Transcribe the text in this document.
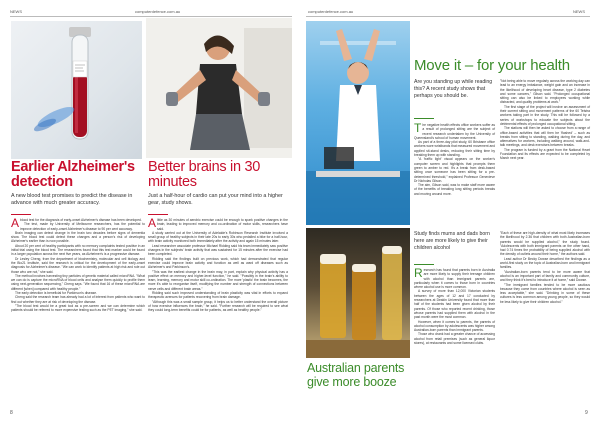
NEWS	computerdefence.com.au
Earlier Alzheimer's detection

A new blood test promises to predict the disease in advance with much greater accuracy.

A blood test for the diagnosis of early-onset Alzheimer's disease has been developed.

The test, made by University of Melbourne researchers, has the potential to improve detection of early-onset Alzheimer's disease to 90 per cent accuracy.

Brain imaging can detect change in the brain two decades before signs of dementia show. The blood test could detect these changes and a person's risk of developing Alzheimer's earlier than is now possible.

About 20 per cent of healthy participants with no memory complaints tested positive in an initial trial using the blood test. The researchers found that this test marker could be found in a larger population across the next five years, as Alzheimer's is a progressive disease.

Dr Lesley Cheng, from the department of biochemistry, molecular and cell biology and the Bio21 Institute, said the research is critical for the development of the early-onset diagnosis for Alzheimer's disease. "We can work to identify patients at high risk and rule out those who are not," she said.

The method involves harvesting tiny particles of genetic material called microRNA. "What we can do is capture the microRNA of blood cells and analyse them quickly to profile them using next-generation sequencing," Cheng says. "We found that 16 of these microRNA are different [when] compared with healthy people."

The early detection is beneficial for Parkinson's disease.

Cheng said the research team has already had a lot of interest from patients who want to find out whether they are at risk of developing the disease.

"The blood test would be a great tool as a pre-screen and we can determine which patients should be referred to more expensive testing such as the PET imaging," she said.

Better brains in 30 minutes

Just a half-hour of cardio can put your mind into a higher gear, study shows.

A little as 30 minutes of aerobic exercise could be enough to spark positive changes in the brain, leading to improved memory and co-ordination of motor skills, researchers have said.

A study carried out at the University of Adelaide's Robinson Research Institute involved a small group of healthy subjects in their late 20s to early 30s who pedalled a bike for a half-hour, with brain activity monitored both immediately after the activity and again 15 minutes later.

Lead researcher associate professor Michael Ridding said his team immediately saw positive changes in the subjects' brain activity that was sustained for 15 minutes after the exercise had been completed.

Ridding said the findings built on previous work, which had demonstrated that regular exercise could improve brain activity and function as well as ward off diseases such as Alzheimer's and Parkinson's.

"This was the earliest change in the brain may, in part, explain why physical activity has a positive effect on memory and higher-level function," he said. "Possibly in the brain's ability to learn, learning, memory and motor skill co-ordination. The more 'plastic' the brain becomes, the more it's able to reorganise itself, modifying the number and strength of connections between nerve cells and different brain areas."

Ridding said such improved understanding of brain plasticity was vital in efforts to expand therapeutic avenues for patients recovering from brain damage.

"Although this was a small sample group, it helps us to better understand the overall picture of how exercise influences the brain," he said. "Further research will be required to see what they could long-term benefits could be for patients, as well as healthy people."

8
computerdefence.com.au	NEWS
Australian parents give more booze
Move it – for your health

Are you standing up while reading this? A recent study shows that perhaps you should be.

The negative health effects office workers suffer as a result of prolonged sitting are the subject of recent research undertaken by the University of Queensland's school of human movement.

As part of a three-day pilot study, 60 Brisbane office workers wore wristbands that measured movement and applied sit-stand desks, reducing their sitting time by breaking them up with standing.

"A 'traffic light' visual appears on the worker's computer screen and highlights that prompts them green to amber to red. It's a break from desk-based sitting once someone has been sitting for a pre-determined threshold," explained Professor Genevieve Dr Nicholas Gilson.

The aim, Gilson said, was to make staff more aware of the benefits of breaking long sitting periods breaks and moving around more.

"Not being able to move regularly across the working day can lead to an energy imbalance, weight gain and an increase in the likelihood of developing heart disease, type 2 diabetes and some cancers," Gilson said. "Prolonged occupational sitting can also be linked to employees working while distracted, and quality problems at work."

The first stage of the project will involve an assessment of their current sitting and movement patterns of the 60 Telstra workers taking part in the study. This will be followed by a series of workshops to educate the subjects about the detrimental effects of prolonged occupational sitting.

The stations will then be asked to choose from a range of office-based activities that will then be 'flashed' – such as breaks from sitting to standing, walking during the day, and alternatives for workers, including walking around, walk-and-talk meetings, and desk exercises between breaks.

The program is funded by a grant from the National Heart Foundation and its effects are expected to be completed by March next year.

Study finds mums and dads born here are more likely to give their children alcohol

Research has found that parents born in Australia are more likely to supply their teenage children with alcohol than immigrant parents are, particularly when it comes to those born in countries where alcohol use is more common.

A survey of more than 12,000 Victorian students between the ages of 12 and 17 conducted by researchers at Deakin University found that more than half of the students had been given alcohol by their parents. Of those who reported recent drinking, those whose parents had supplied them with alcohol in the past month were the most common.

However, when it comes to parents, the parents of alcohol consumption by adolescents was higher among Australian-born parents than immigrant parents.

Those who drank had a greater chance of accessing alcohol from retail premises (such as general liquor stores), at restaurants and some licensed clubs.

"Each of these are high-density of what most likely increases the likelihood by 2.36 that children with both Australian-born parents would be supplied alcohol," the study found. "Adolescents with both immigrant parents on the other hand, had 0.74 times the probability of being supplied alcohol with the density of outlets around their home," the authors said.

Lead author Dr Becky Dowse described the findings as a world-first study on the topic of Australian-born and immigrant families.

"Australian-born parents tend to be more aware that alcohol is an important part of family and community culture, and they think it's best to introduce it at home," said Dowse.

"The immigrant families tended to be more cautious because they come from countries where alcohol is seen as less acceptable," she said. "Drinking in some of these cultures is less common among young people, so they would be less likely to give their children alcohol."

9
